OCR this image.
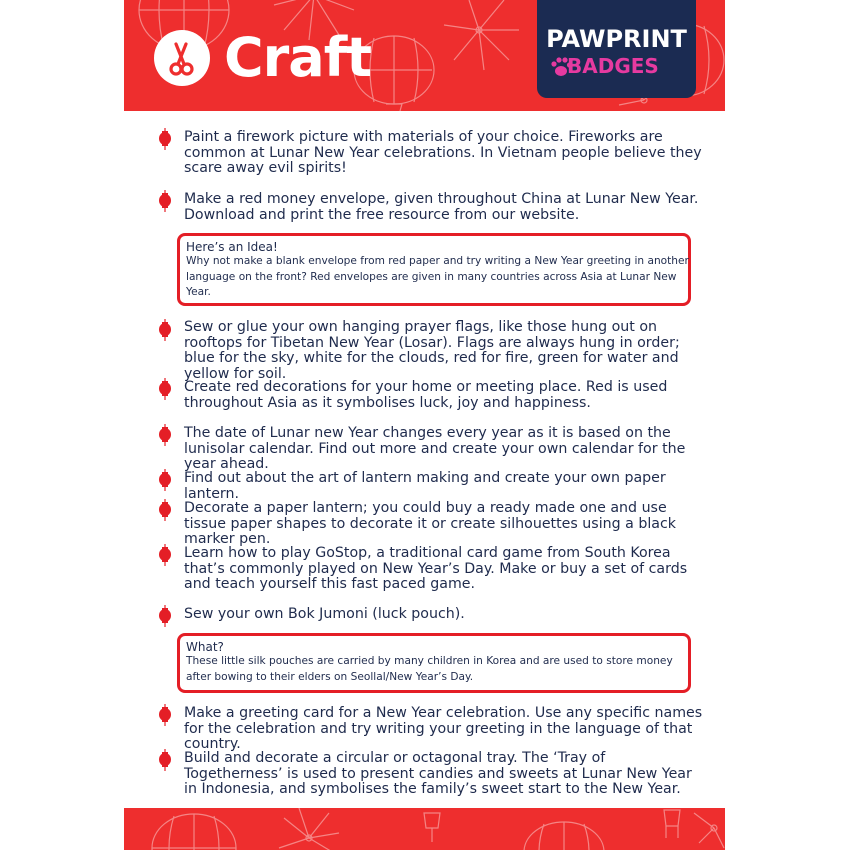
Craft	PAWPRINT
BADGES
Paint a firework picture with materials of your choice. Fireworks are common at Lunar New Year celebrations. In Vietnam people believe they scare away evil spirits!
Make a red money envelope, given throughout China at Lunar New Year. Download and print the free resource from our website.
Here’s an Idea!
Why not make a blank envelope from red paper and try writing a New Year greeting in another language on the front? Red envelopes are given in many countries across Asia at Lunar New Year.
Sew or glue your own hanging prayer flags, like those hung out on rooftops for Tibetan New Year (Losar). Flags are always hung in order; blue for the sky, white for the clouds, red for fire, green for water and yellow for soil.
Create red decorations for your home or meeting place. Red is used throughout Asia as it symbolises luck, joy and happiness.
The date of Lunar new Year changes every year as it is based on the lunisolar calendar. Find out more and create your own calendar for the year ahead.
Find out about the art of lantern making and create your own paper lantern.
Decorate a paper lantern; you could buy a ready made one and use tissue paper shapes to decorate it or create silhouettes using a black marker pen.
Learn how to play GoStop, a traditional card game from South Korea that’s commonly played on New Year’s Day. Make or buy a set of cards and teach yourself this fast paced game.
Sew your own Bok Jumoni (luck pouch).
What?
These little silk pouches are carried by many children in Korea and are used to store money after bowing to their elders on Seollal/New Year’s Day.
Make a greeting card for a New Year celebration. Use any specific names for the celebration and try writing your greeting in the language of that country.
Build and decorate a circular or octagonal tray. The ‘Tray of Togetherness’ is used to present candies and sweets at Lunar New Year in Indonesia, and symbolises the family’s sweet start to the New Year.
